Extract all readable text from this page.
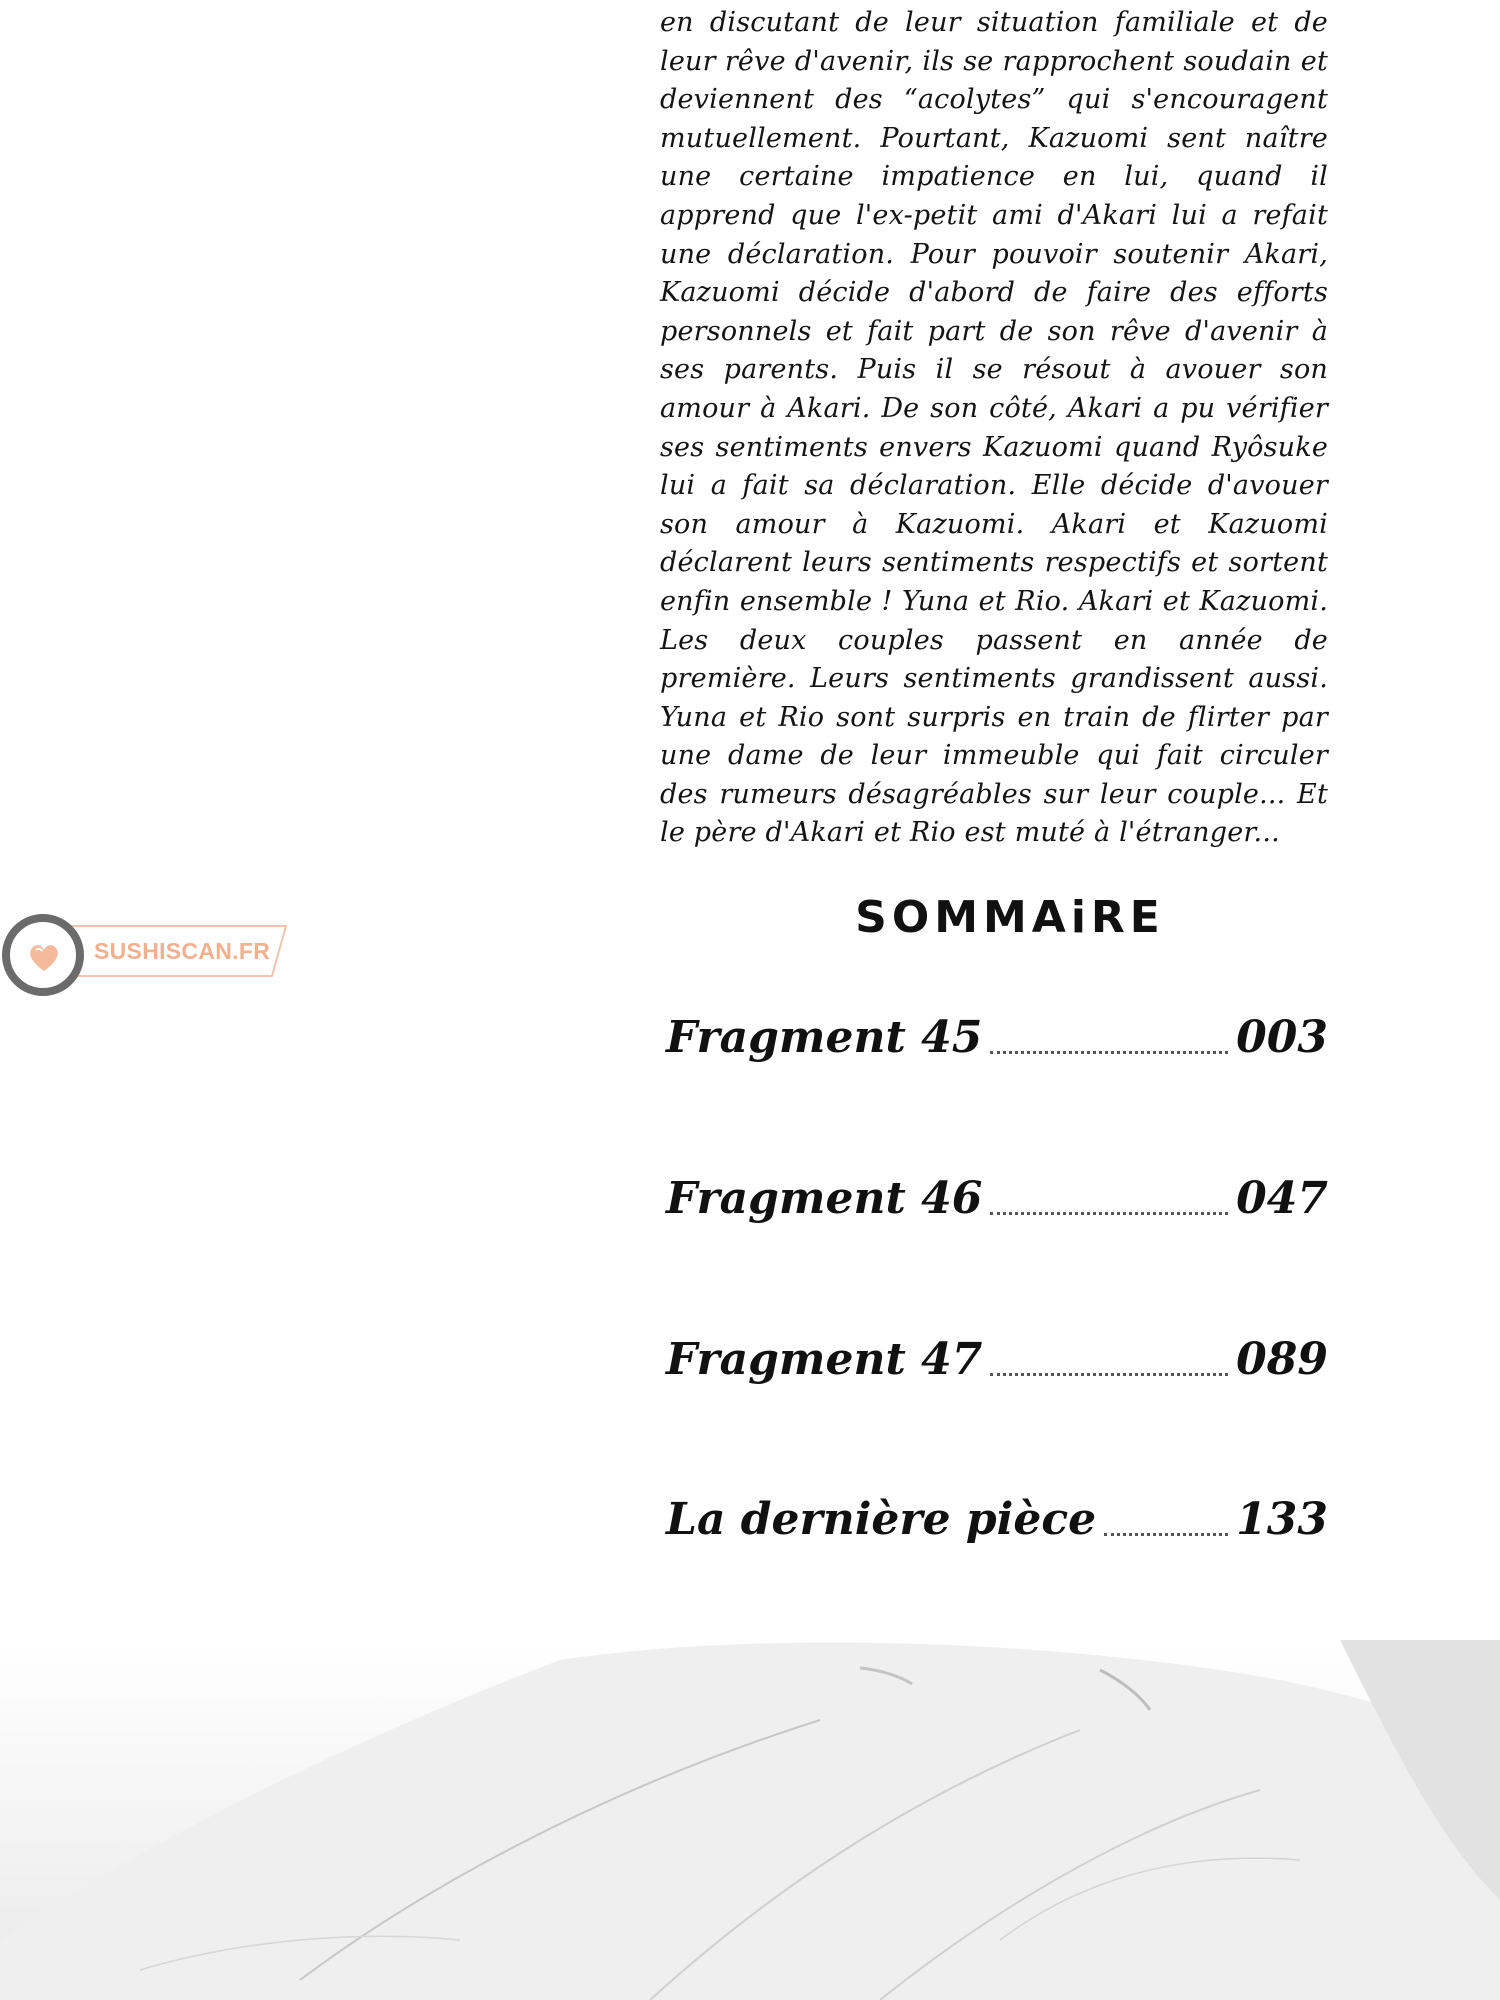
en discutant de leur situation familiale et de leur rêve d'avenir, ils se rapprochent soudain et deviennent des “acolytes” qui s'encouragent mutuellement. Pourtant, Kazuomi sent naître une certaine impatience en lui, quand il apprend que l'ex-petit ami d'Akari lui a refait une déclaration. Pour pouvoir soutenir Akari, Kazuomi décide d'abord de faire des efforts personnels et fait part de son rêve d'avenir à ses parents. Puis il se résout à avouer son amour à Akari. De son côté, Akari a pu vérifier ses sentiments envers Kazuomi quand Ryôsuke lui a fait sa déclaration. Elle décide d'avouer son amour à Kazuomi. Akari et Kazuomi déclarent leurs sentiments respectifs et sortent enfin ensemble ! Yuna et Rio. Akari et Kazuomi. Les deux couples passent en année de première. Leurs sentiments grandissent aussi. Yuna et Rio sont surpris en train de flirter par une dame de leur immeuble qui fait circuler des rumeurs désagréables sur leur couple... Et le père d'Akari et Rio est muté à l'étranger...

SUSHISCAN.FR
SOMMAiRE
Fragment 45	003
Fragment 46	047
Fragment 47	089
La dernière pièce	133
